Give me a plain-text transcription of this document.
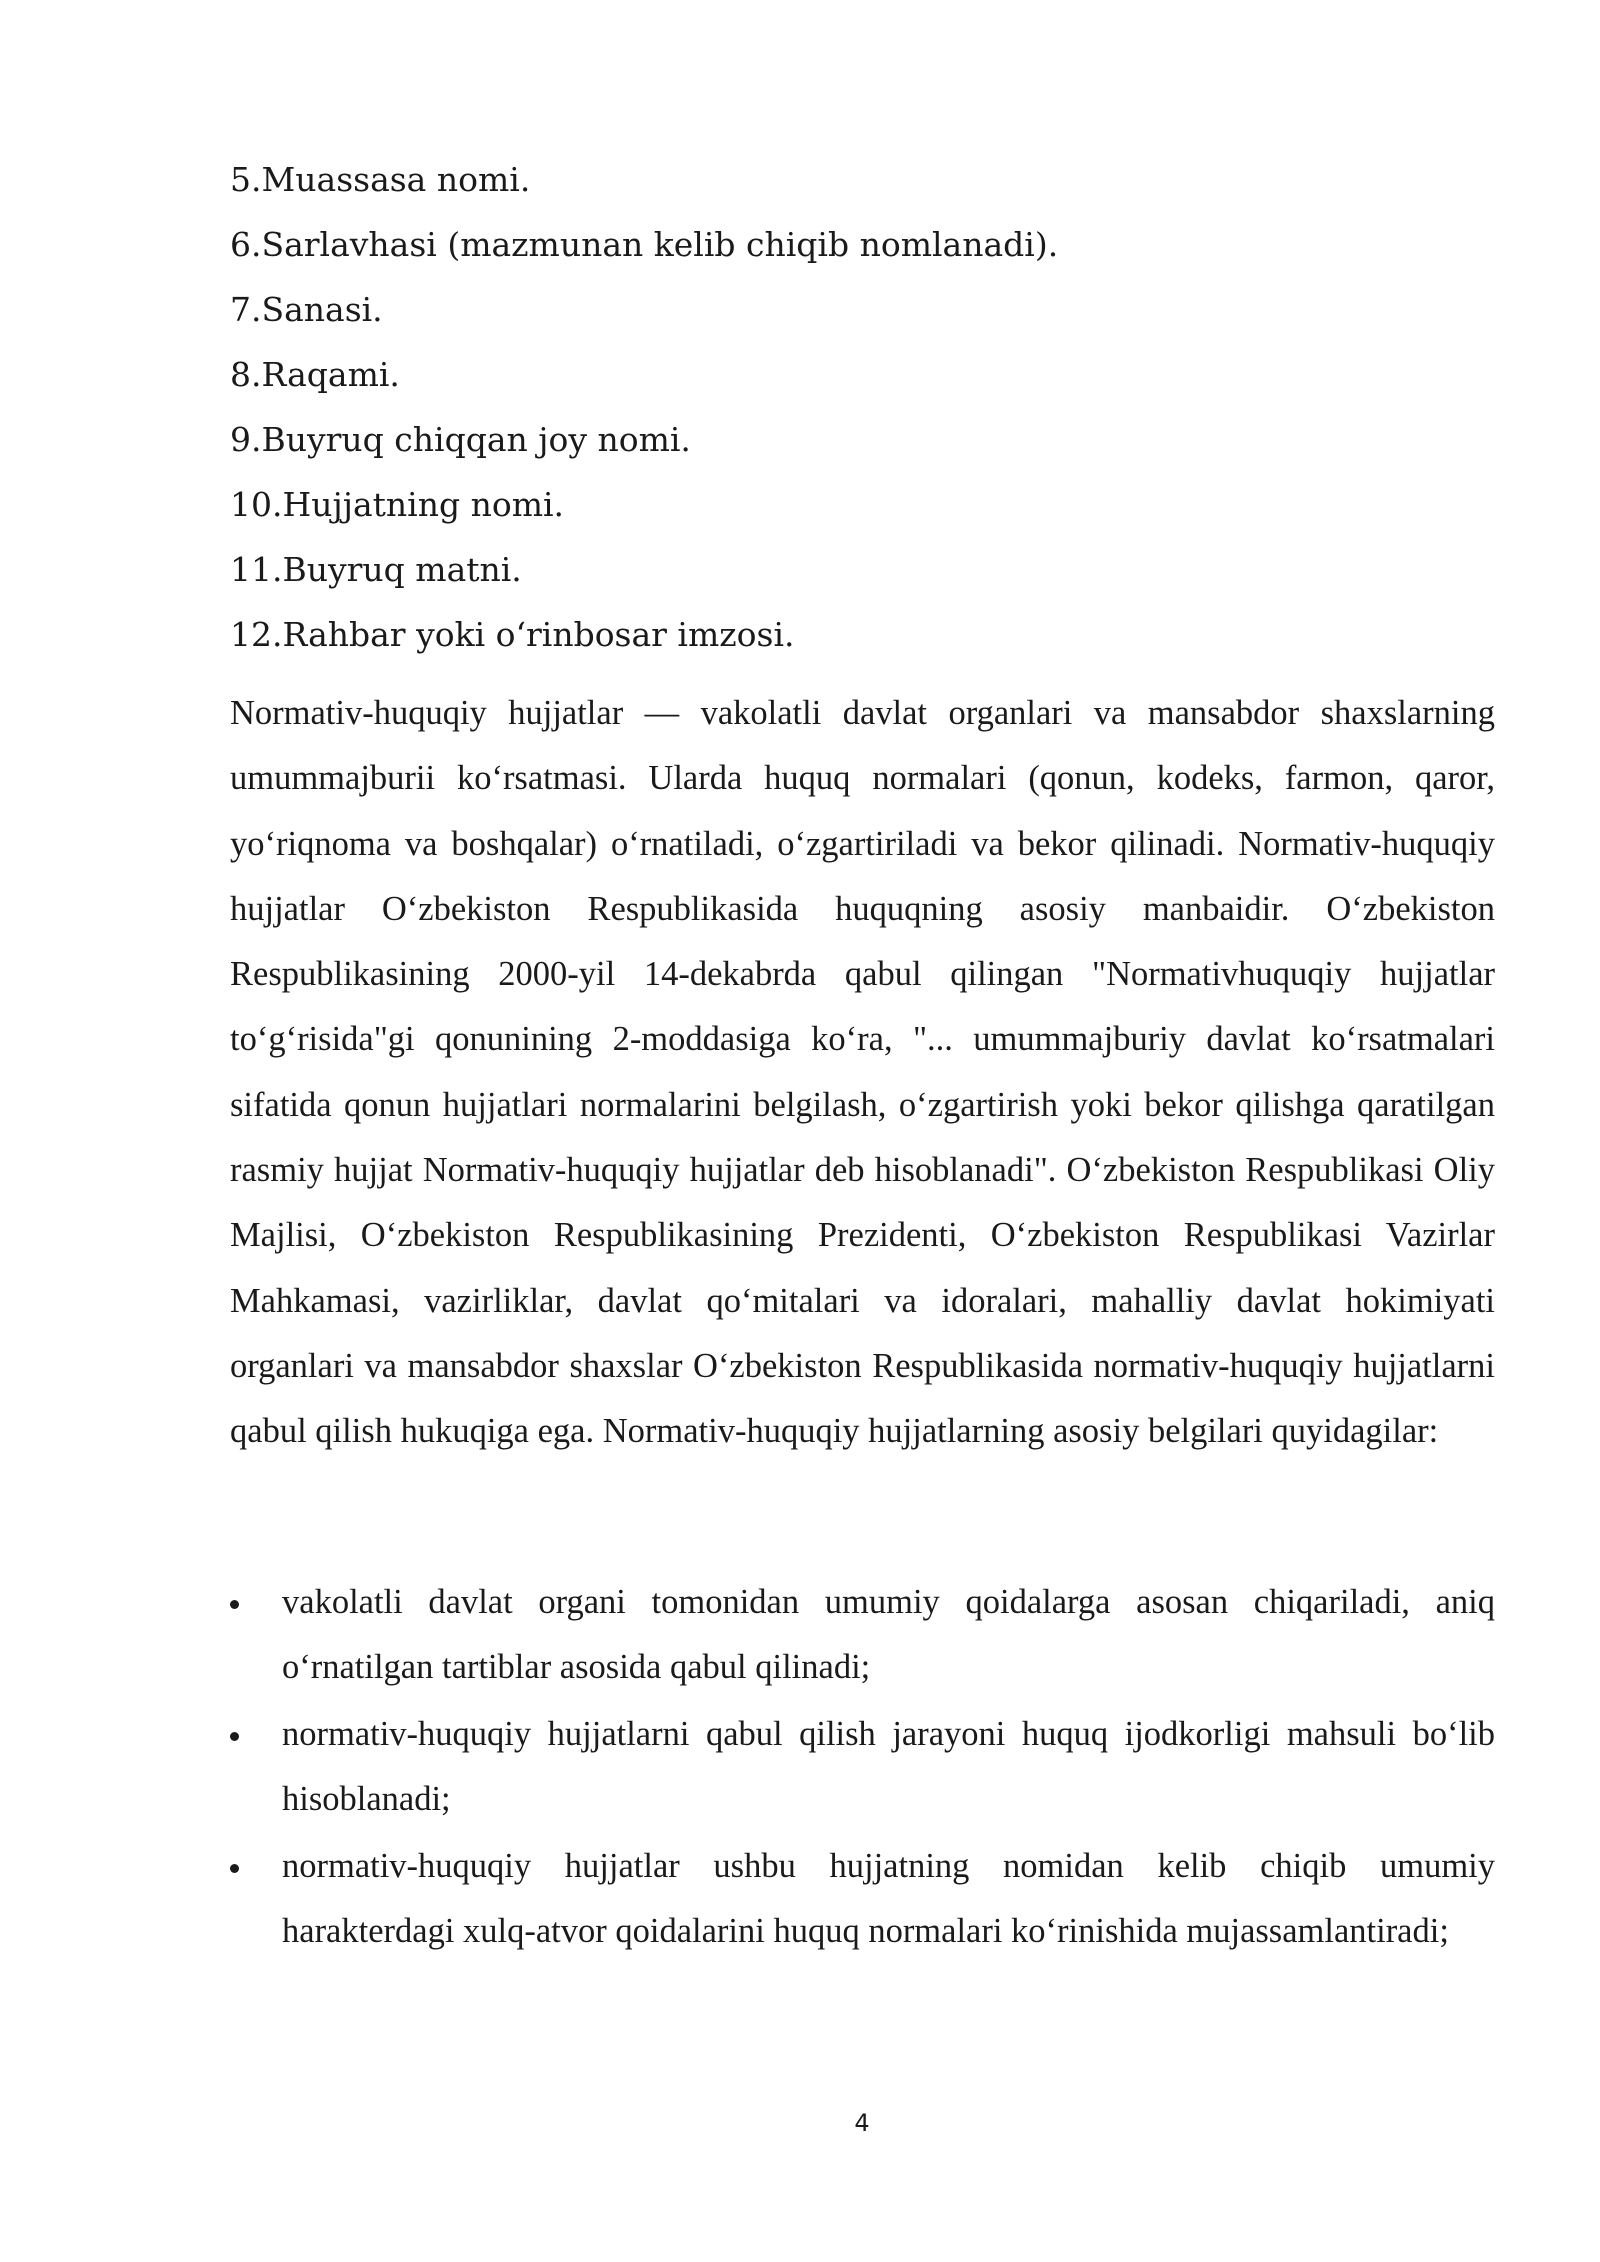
5.Muassasa nomi.
6.Sarlavhasi (mazmunan kelib chiqib nomlanadi).
7.Sanasi.
8.Raqami.
9.Buyruq chiqqan joy nomi.
10.Hujjatning nomi.
11.Buyruq matni.
12.Rahbar yoki oʻrinbosar imzosi.

Normativ-huquqiy hujjatlar — vakolatli davlat organlari va mansabdor shaxslarning umummajburii koʻrsatmasi. Ularda huquq normalari (qonun, kodeks, farmon, qaror, yoʻriqnoma va boshqalar) oʻrnatiladi, oʻzgartiriladi va bekor qilinadi. Normativ-huquqiy hujjatlar Oʻzbekiston Respublikasida huquqning asosiy manbaidir. Oʻzbekiston Respublikasining 2000-yil 14-dekabrda qabul qilingan "Normativhuquqiy hujjatlar toʻgʻrisida"gi qonunining 2-moddasiga koʻra, "... umummajburiy davlat koʻrsatmalari sifatida qonun hujjatlari normalarini belgilash, oʻzgartirish yoki bekor qilishga qaratilgan rasmiy hujjat Normativ-huquqiy hujjatlar deb hisoblanadi". Oʻzbekiston Respublikasi Oliy Majlisi, Oʻzbekiston Respublikasining Prezidenti, Oʻzbekiston Respublikasi Vazirlar Mahkamasi, vazirliklar, davlat qoʻmitalari va idoralari, mahalliy davlat hokimiyati organlari va mansabdor shaxslar Oʻzbekiston Respublikasida normativ-huquqiy hujjatlarni qabul qilish hukuqiga ega. Normativ-huquqiy hujjatlarning asosiy belgilari quyidagilar:

vakolatli davlat organi tomonidan umumiy qoidalarga asosan chiqariladi, aniq oʻrnatilgan tartiblar asosida qabul qilinadi;
normativ-huquqiy hujjatlarni qabul qilish jarayoni huquq ijodkorligi mahsuli boʻlib hisoblanadi;
normativ-huquqiy hujjatlar ushbu hujjatning nomidan kelib chiqib umumiy harakterdagi xulq-atvor qoidalarini huquq normalari koʻrinishida mujassamlantiradi;
4
